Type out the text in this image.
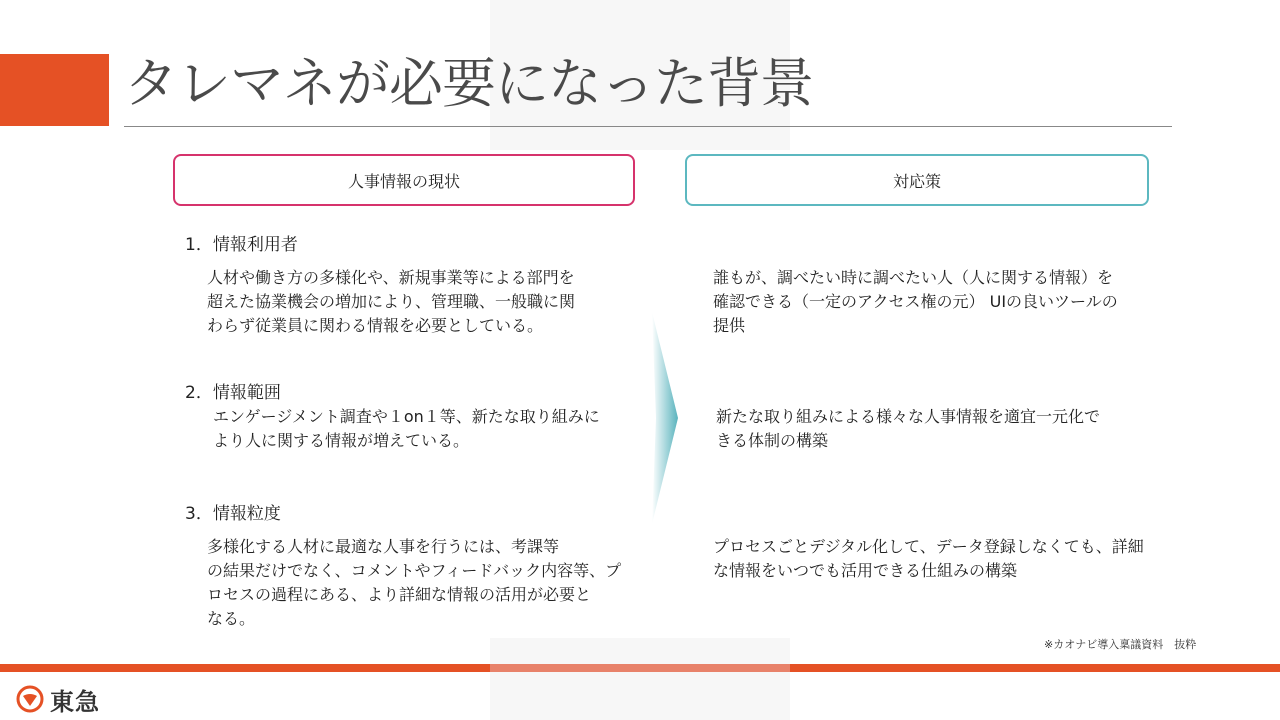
タレマネが必要になった背景
人事情報の現状	対応策
1．情報利用者
人材や働き方の多様化や、新規事業等による部門を
超えた協業機会の増加により、管理職、一般職に関
わらず従業員に関わる情報を必要としている。
誰もが、調べたい時に調べたい人（人に関する情報）を
確認できる（一定のアクセス権の元） UIの良いツールの
提供
2．情報範囲
エンゲージメント調査や１on１等、新たな取り組みに
より人に関する情報が増えている。
新たな取り組みによる様々な人事情報を適宜一元化で
きる体制の構築
3．情報粒度
多様化する人材に最適な人事を行うには、考課等
の結果だけでなく、コメントやフィードバック内容等、プ
ロセスの過程にある、より詳細な情報の活用が必要と
なる。
プロセスごとデジタル化して、データ登録しなくても、詳細
な情報をいつでも活用できる仕組みの構築
※カオナビ導入稟議資料　抜粋
東急
